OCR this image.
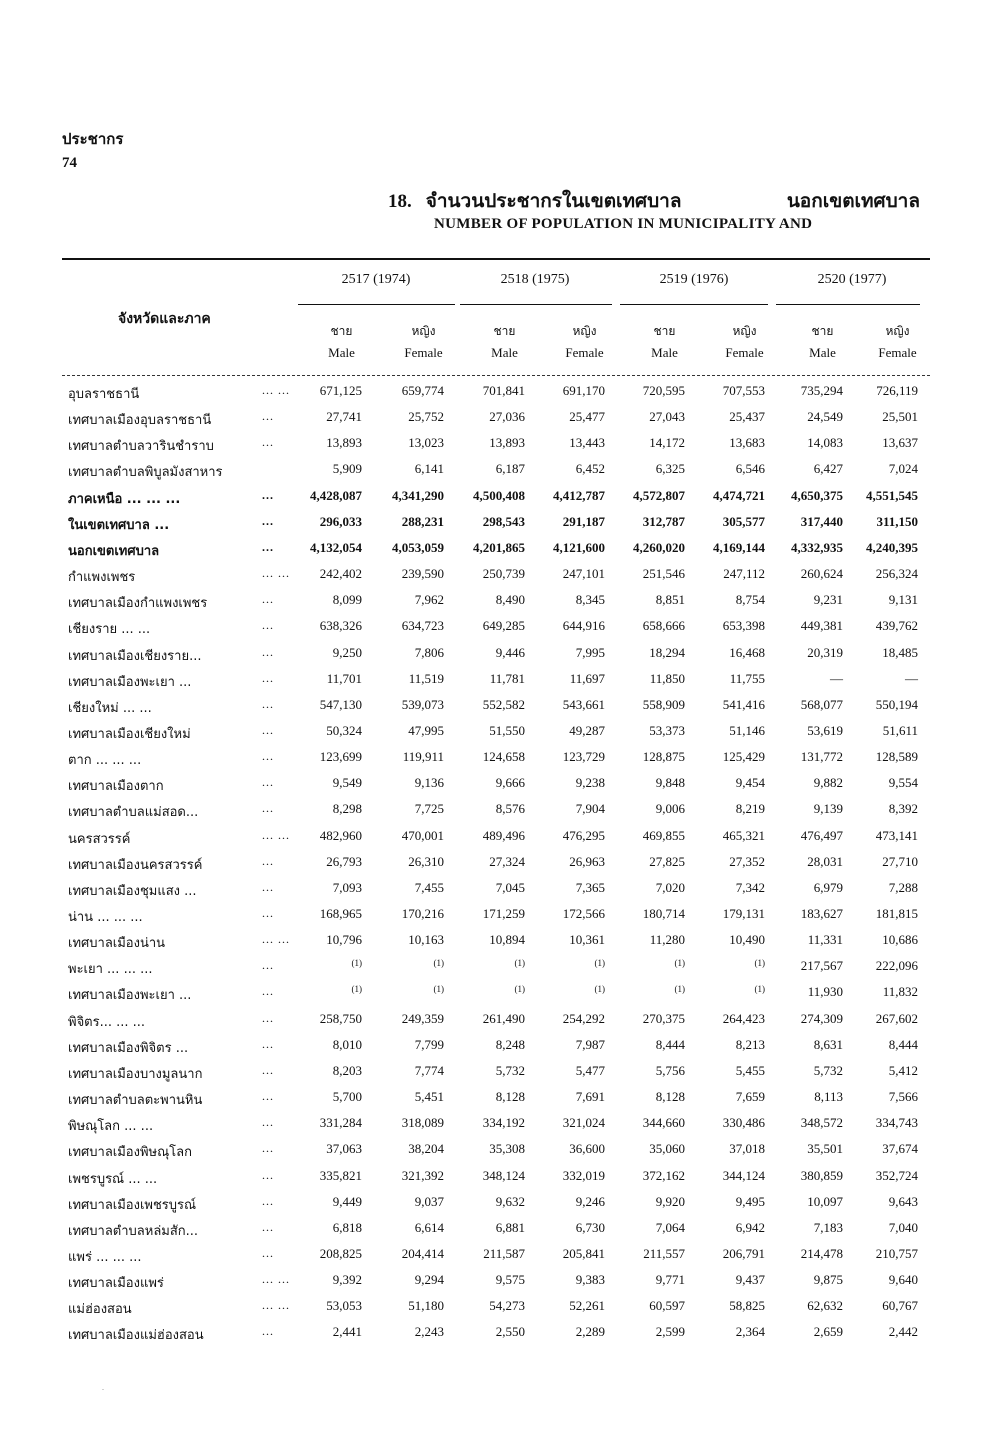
ประชากร
74
18. จำนวนประชากรในเขตเทศบาล	นอกเขตเทศบาล
NUMBER OF POPULATION IN MUNICIPALITY AND
จังหวัดและภาค
2517 (1974)	2518 (1975)	2519 (1976)	2520 (1977)
ชาย
Male
หญิง
Female
ชาย
Male
หญิง
Female
ชาย
Male
หญิง
Female
ชาย
Male
หญิง
Female
อุบลราชธานี	... ...	671,125	659,774	701,841	691,170	720,595	707,553	735,294	726,119
เทศบาลเมืองอุบลราชธานี	...	27,741	25,752	27,036	25,477	27,043	25,437	24,549	25,501
เทศบาลตำบลวารินชำราบ	...	13,893	13,023	13,893	13,443	14,172	13,683	14,083	13,637
เทศบาลตำบลพิบูลมังสาหาร	5,909	6,141	6,187	6,452	6,325	6,546	6,427	7,024
ภาคเหนือ ... ... ...	...	4,428,087	4,341,290	4,500,408	4,412,787	4,572,807	4,474,721	4,650,375	4,551,545
ในเขตเทศบาล ...	...	296,033	288,231	298,543	291,187	312,787	305,577	317,440	311,150
นอกเขตเทศบาล	...	4,132,054	4,053,059	4,201,865	4,121,600	4,260,020	4,169,144	4,332,935	4,240,395
กำแพงเพชร	... ...	242,402	239,590	250,739	247,101	251,546	247,112	260,624	256,324
เทศบาลเมืองกำแพงเพชร	...	8,099	7,962	8,490	8,345	8,851	8,754	9,231	9,131
เชียงราย ... ...	...	638,326	634,723	649,285	644,916	658,666	653,398	449,381	439,762
เทศบาลเมืองเชียงราย...	...	9,250	7,806	9,446	7,995	18,294	16,468	20,319	18,485
เทศบาลเมืองพะเยา ...	...	11,701	11,519	11,781	11,697	11,850	11,755	—	—
เชียงใหม่ ... ...	...	547,130	539,073	552,582	543,661	558,909	541,416	568,077	550,194
เทศบาลเมืองเชียงใหม่	...	50,324	47,995	51,550	49,287	53,373	51,146	53,619	51,611
ตาก ... ... ...	...	123,699	119,911	124,658	123,729	128,875	125,429	131,772	128,589
เทศบาลเมืองตาก	...	9,549	9,136	9,666	9,238	9,848	9,454	9,882	9,554
เทศบาลตำบลแม่สอด...	...	8,298	7,725	8,576	7,904	9,006	8,219	9,139	8,392
นครสวรรค์	... ...	482,960	470,001	489,496	476,295	469,855	465,321	476,497	473,141
เทศบาลเมืองนครสวรรค์	...	26,793	26,310	27,324	26,963	27,825	27,352	28,031	27,710
เทศบาลเมืองชุมแสง ...	...	7,093	7,455	7,045	7,365	7,020	7,342	6,979	7,288
น่าน ... ... ...	...	168,965	170,216	171,259	172,566	180,714	179,131	183,627	181,815
เทศบาลเมืองน่าน	... ...	10,796	10,163	10,894	10,361	11,280	10,490	11,331	10,686
พะเยา ... ... ...	...	(1)	(1)	(1)	(1)	(1)	(1)	217,567	222,096
เทศบาลเมืองพะเยา ...	...	(1)	(1)	(1)	(1)	(1)	(1)	11,930	11,832
พิจิตร... ... ...	...	258,750	249,359	261,490	254,292	270,375	264,423	274,309	267,602
เทศบาลเมืองพิจิตร ...	...	8,010	7,799	8,248	7,987	8,444	8,213	8,631	8,444
เทศบาลเมืองบางมูลนาก	...	8,203	7,774	5,732	5,477	5,756	5,455	5,732	5,412
เทศบาลตำบลตะพานหิน	...	5,700	5,451	8,128	7,691	8,128	7,659	8,113	7,566
พิษณุโลก ... ...	...	331,284	318,089	334,192	321,024	344,660	330,486	348,572	334,743
เทศบาลเมืองพิษณุโลก	...	37,063	38,204	35,308	36,600	35,060	37,018	35,501	37,674
เพชรบูรณ์ ... ...	...	335,821	321,392	348,124	332,019	372,162	344,124	380,859	352,724
เทศบาลเมืองเพชรบูรณ์	...	9,449	9,037	9,632	9,246	9,920	9,495	10,097	9,643
เทศบาลตำบลหล่มสัก...	...	6,818	6,614	6,881	6,730	7,064	6,942	7,183	7,040
แพร่ ... ... ...	...	208,825	204,414	211,587	205,841	211,557	206,791	214,478	210,757
เทศบาลเมืองแพร่	... ...	9,392	9,294	9,575	9,383	9,771	9,437	9,875	9,640
แม่ฮ่องสอน	... ...	53,053	51,180	54,273	52,261	60,597	58,825	62,632	60,767
เทศบาลเมืองแม่ฮ่องสอน	...	2,441	2,243	2,550	2,289	2,599	2,364	2,659	2,442
.
